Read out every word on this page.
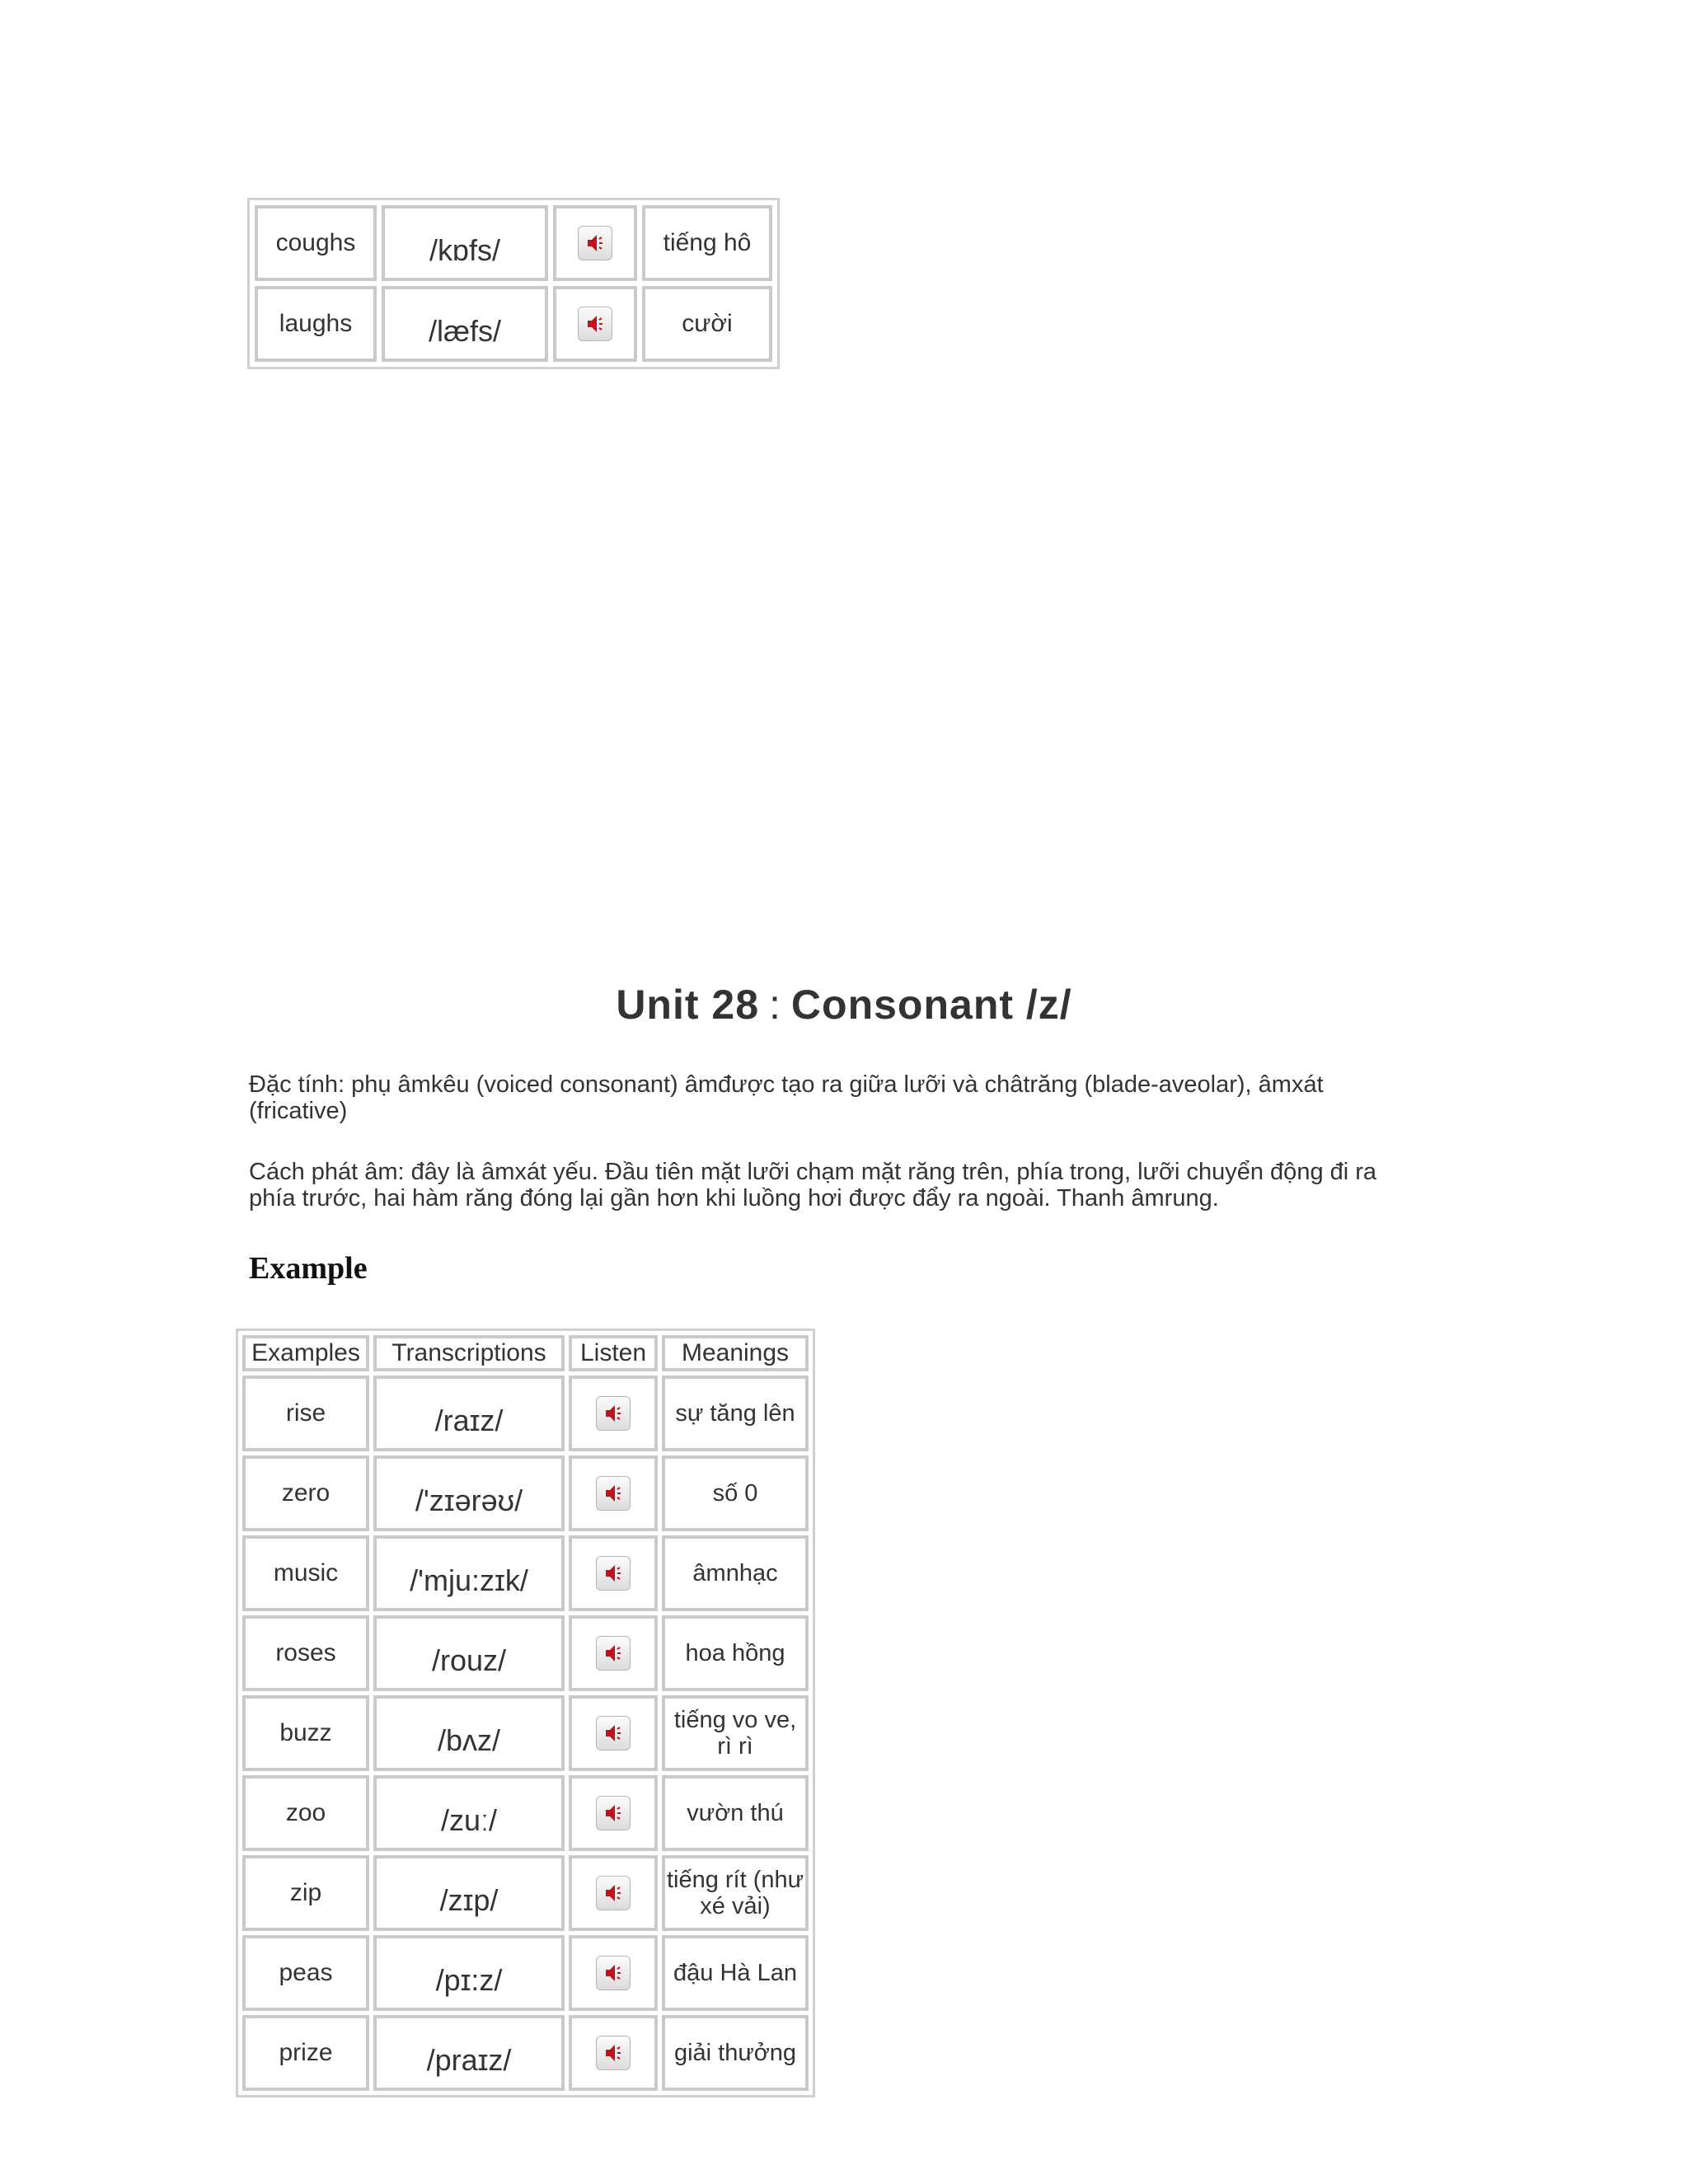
coughs	/kɒfs/		tiếng hô
laughs	/læfs/		cười
Unit 28 : Consonant /z/
Đặc tính: phụ âmkêu (voiced consonant) âmđược tạo ra giữa lưỡi và châtrăng (blade-aveolar), âmxát (fricative)
Cách phát âm: đây là âmxát yếu. Đầu tiên mặt lưỡi chạm mặt răng trên, phía trong, lưỡi chuyển động đi ra phía trước, hai hàm răng đóng lại gần hơn khi luồng hơi được đẩy ra ngoài. Thanh âmrung.
Example
Examples	Transcriptions	Listen	Meanings
rise	/raɪz/		sự tăng lên
zero	/'zɪərəʊ/		số 0
music	/'mju:zɪk/		âmnhạc
roses	/rouz/		hoa hồng
buzz	/bʌz/		tiếng vo ve, rì rì
zoo	/zuː/		vườn thú
zip	/zɪp/		tiếng rít (như xé vải)
peas	/pɪ:z/		đậu Hà Lan
prize	/praɪz/		giải thưởng
